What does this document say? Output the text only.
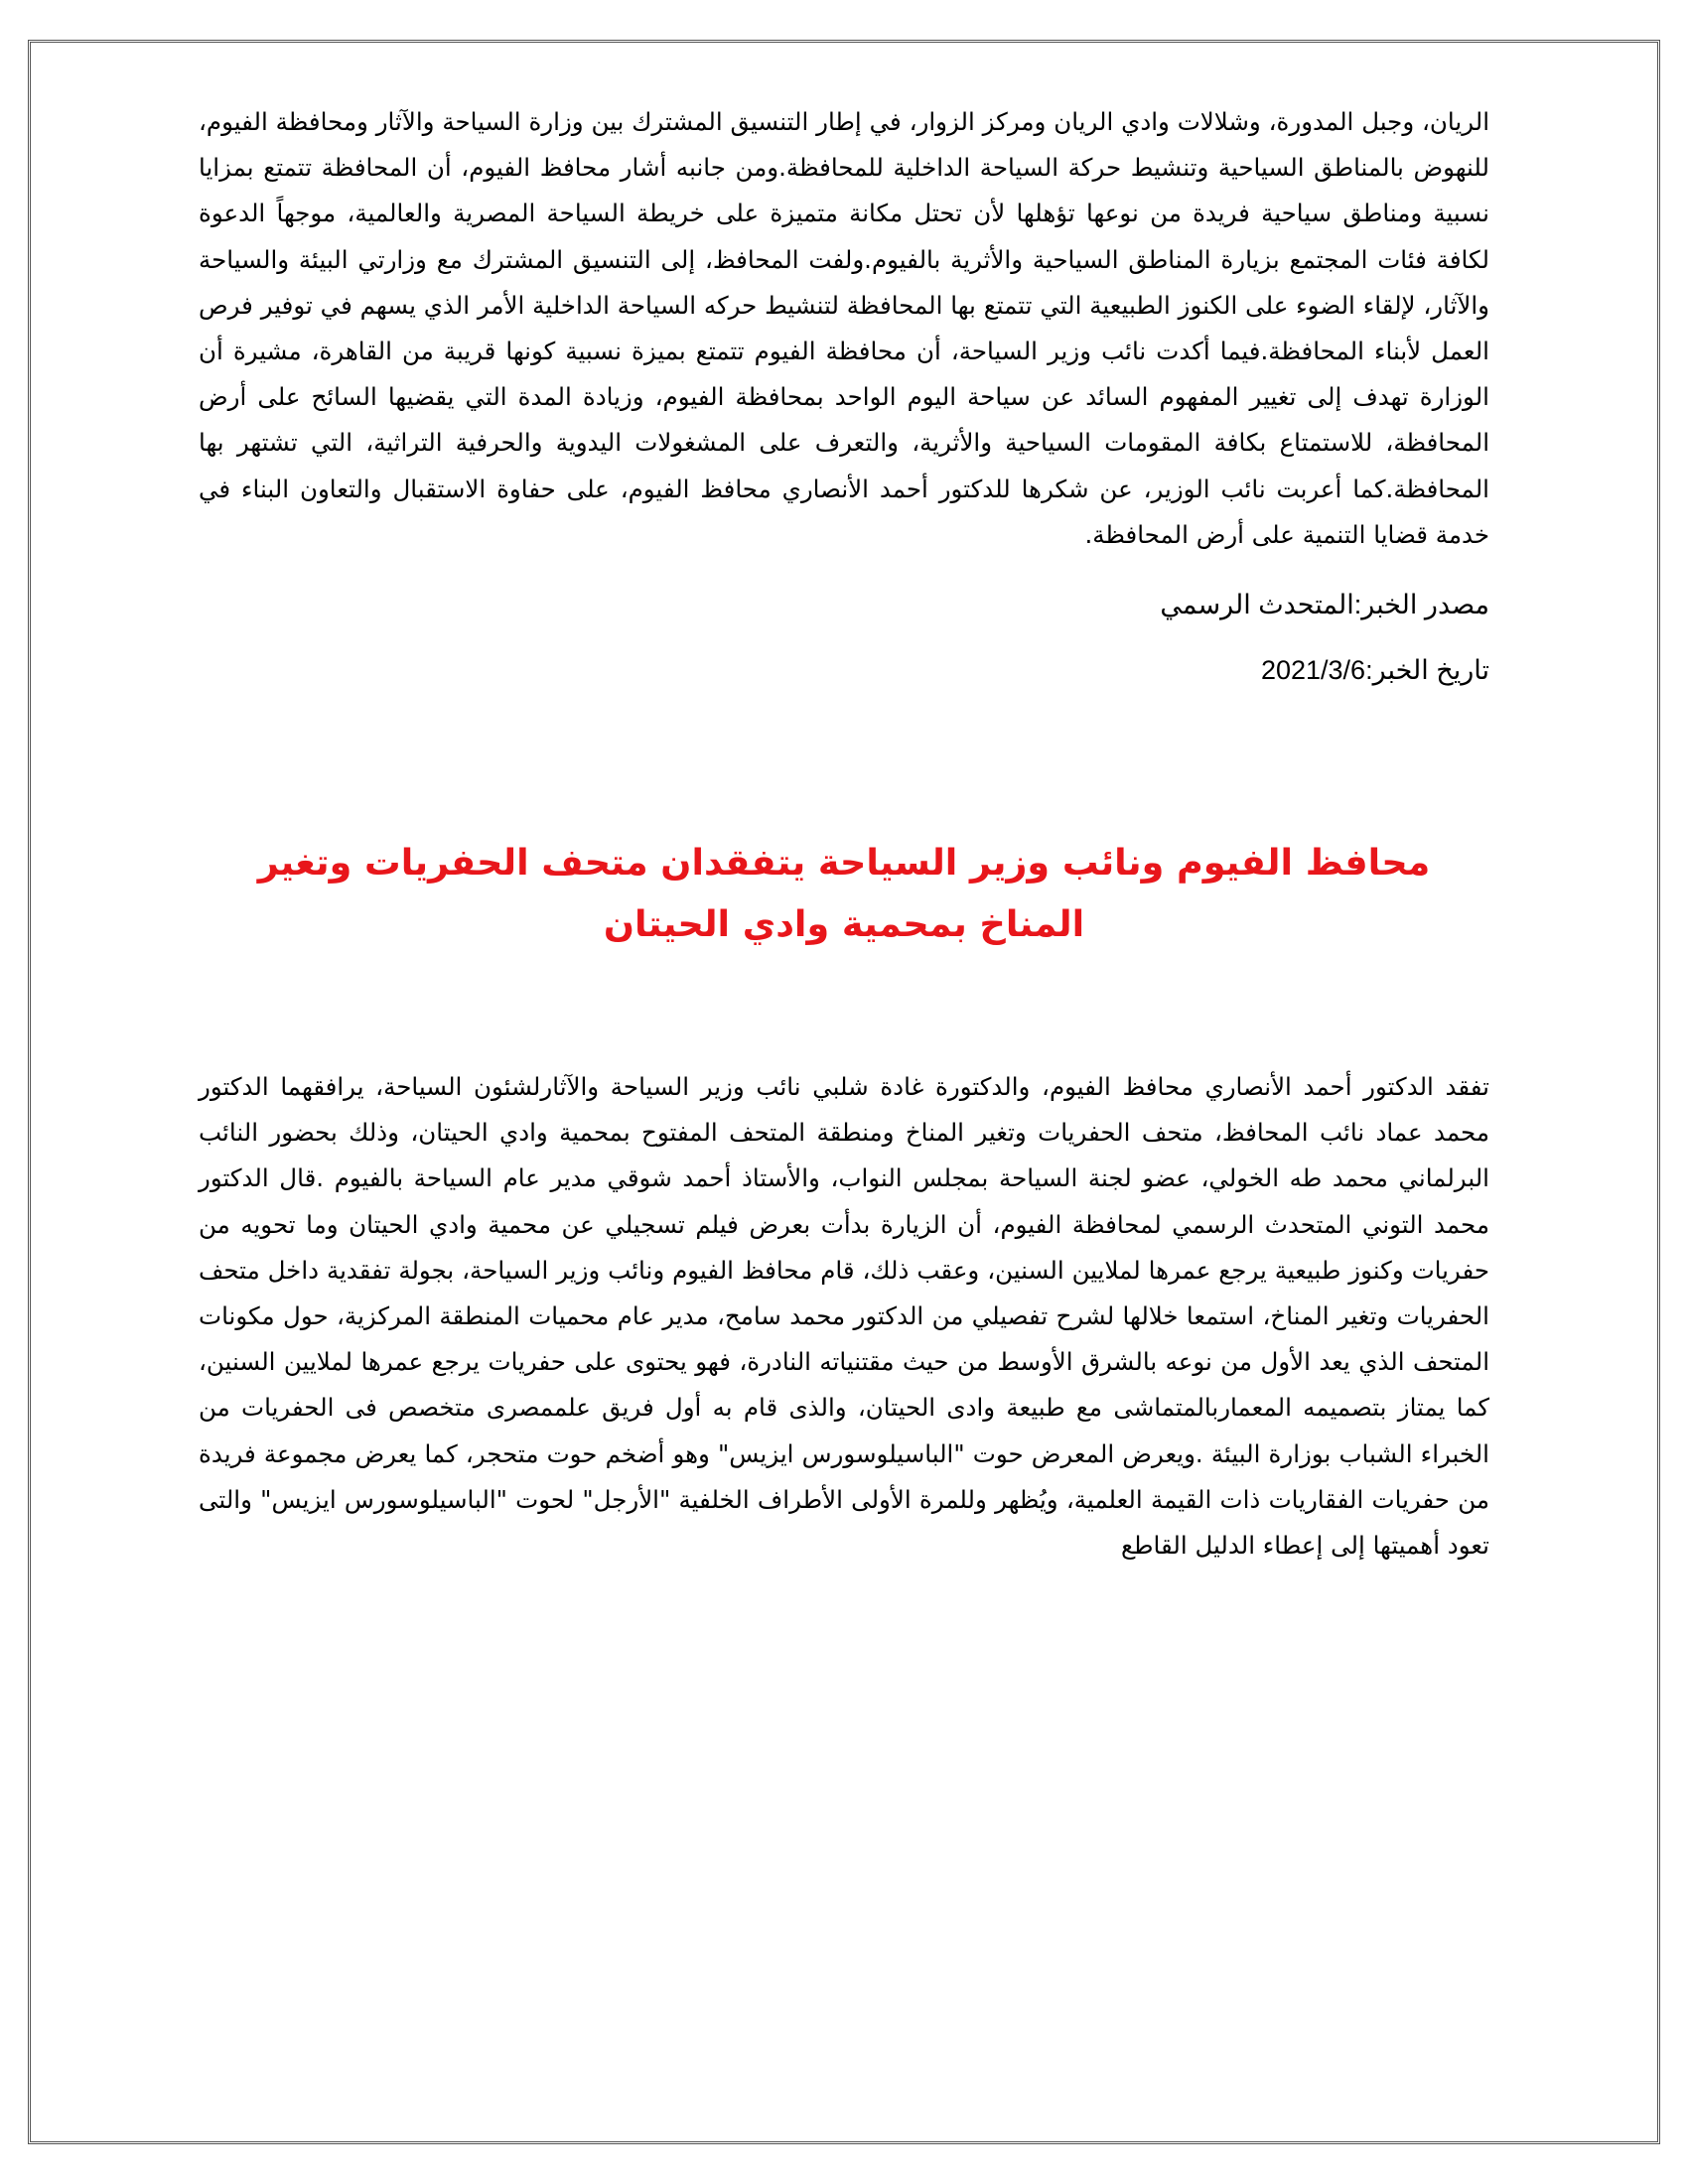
الريان، وجبل المدورة، وشلالات وادي الريان ومركز الزوار، في إطار التنسيق المشترك بين وزارة السياحة والآثار ومحافظة الفيوم، للنهوض بالمناطق السياحية وتنشيط حركة السياحة الداخلية للمحافظة.ومن جانبه أشار محافظ الفيوم، أن المحافظة تتمتع بمزايا نسبية ومناطق سياحية فريدة من نوعها تؤهلها لأن تحتل مكانة متميزة على خريطة السياحة المصرية والعالمية، موجهاً الدعوة لكافة فئات المجتمع بزيارة المناطق السياحية والأثرية بالفيوم.ولفت المحافظ، إلى التنسيق المشترك مع وزارتي البيئة والسياحة والآثار، لإلقاء الضوء على الكنوز الطبيعية التي تتمتع بها المحافظة لتنشيط حركه السياحة الداخلية الأمر الذي يسهم في توفير فرص العمل لأبناء المحافظة.فيما أكدت نائب وزير السياحة، أن محافظة الفيوم تتمتع بميزة نسبية كونها قريبة من القاهرة، مشيرة أن الوزارة تهدف إلى تغيير المفهوم السائد عن سياحة اليوم الواحد بمحافظة الفيوم، وزيادة المدة التي يقضيها السائح على أرض المحافظة، للاستمتاع بكافة المقومات السياحية والأثرية، والتعرف على المشغولات اليدوية والحرفية التراثية، التي تشتهر بها المحافظة.كما أعربت نائب الوزير، عن شكرها للدكتور أحمد الأنصاري محافظ الفيوم، على حفاوة الاستقبال والتعاون البناء في خدمة قضايا التنمية على أرض المحافظة.

مصدر الخبر:المتحدث الرسمي

تاريخ الخبر:2021/3/6

محافظ الفيوم ونائب وزير السياحة يتفقدان متحف الحفريات وتغير المناخ بمحمية وادي الحيتان

تفقد الدكتور أحمد الأنصاري محافظ الفيوم، والدكتورة غادة شلبي نائب وزير السياحة والآثارلشئون السياحة، يرافقهما الدكتور محمد عماد نائب المحافظ، متحف الحفريات وتغير المناخ ومنطقة المتحف المفتوح بمحمية وادي الحيتان، وذلك بحضور النائب البرلماني محمد طه الخولي، عضو لجنة السياحة بمجلس النواب، والأستاذ أحمد شوقي مدير عام السياحة بالفيوم .قال الدكتور محمد التوني المتحدث الرسمي لمحافظة الفيوم، أن الزيارة بدأت بعرض فيلم تسجيلي عن محمية وادي الحيتان وما تحويه من حفريات وكنوز طبيعية يرجع عمرها لملايين السنين، وعقب ذلك، قام محافظ الفيوم ونائب وزير السياحة، بجولة تفقدية داخل متحف الحفريات وتغير المناخ، استمعا خلالها لشرح تفصيلي من الدكتور محمد سامح، مدير عام محميات المنطقة المركزية، حول مكونات المتحف الذي يعد الأول من نوعه بالشرق الأوسط من حيث مقتنياته النادرة، فهو يحتوى على حفريات يرجع عمرها لملايين السنين، كما يمتاز بتصميمه المعماربالمتماشى مع طبيعة وادى الحيتان، والذى قام به أول فريق علممصرى متخصص فى الحفريات من الخبراء الشباب بوزارة البيئة .ويعرض المعرض حوت "الباسيلوسورس ايزيس" وهو أضخم حوت متحجر، كما يعرض مجموعة فريدة من حفريات الفقاريات ذات القيمة العلمية، ويُظهر وللمرة الأولى الأطراف الخلفية "الأرجل" لحوت "الباسيلوسورس ايزيس" والتى تعود أهميتها إلى إعطاء الدليل القاطع
